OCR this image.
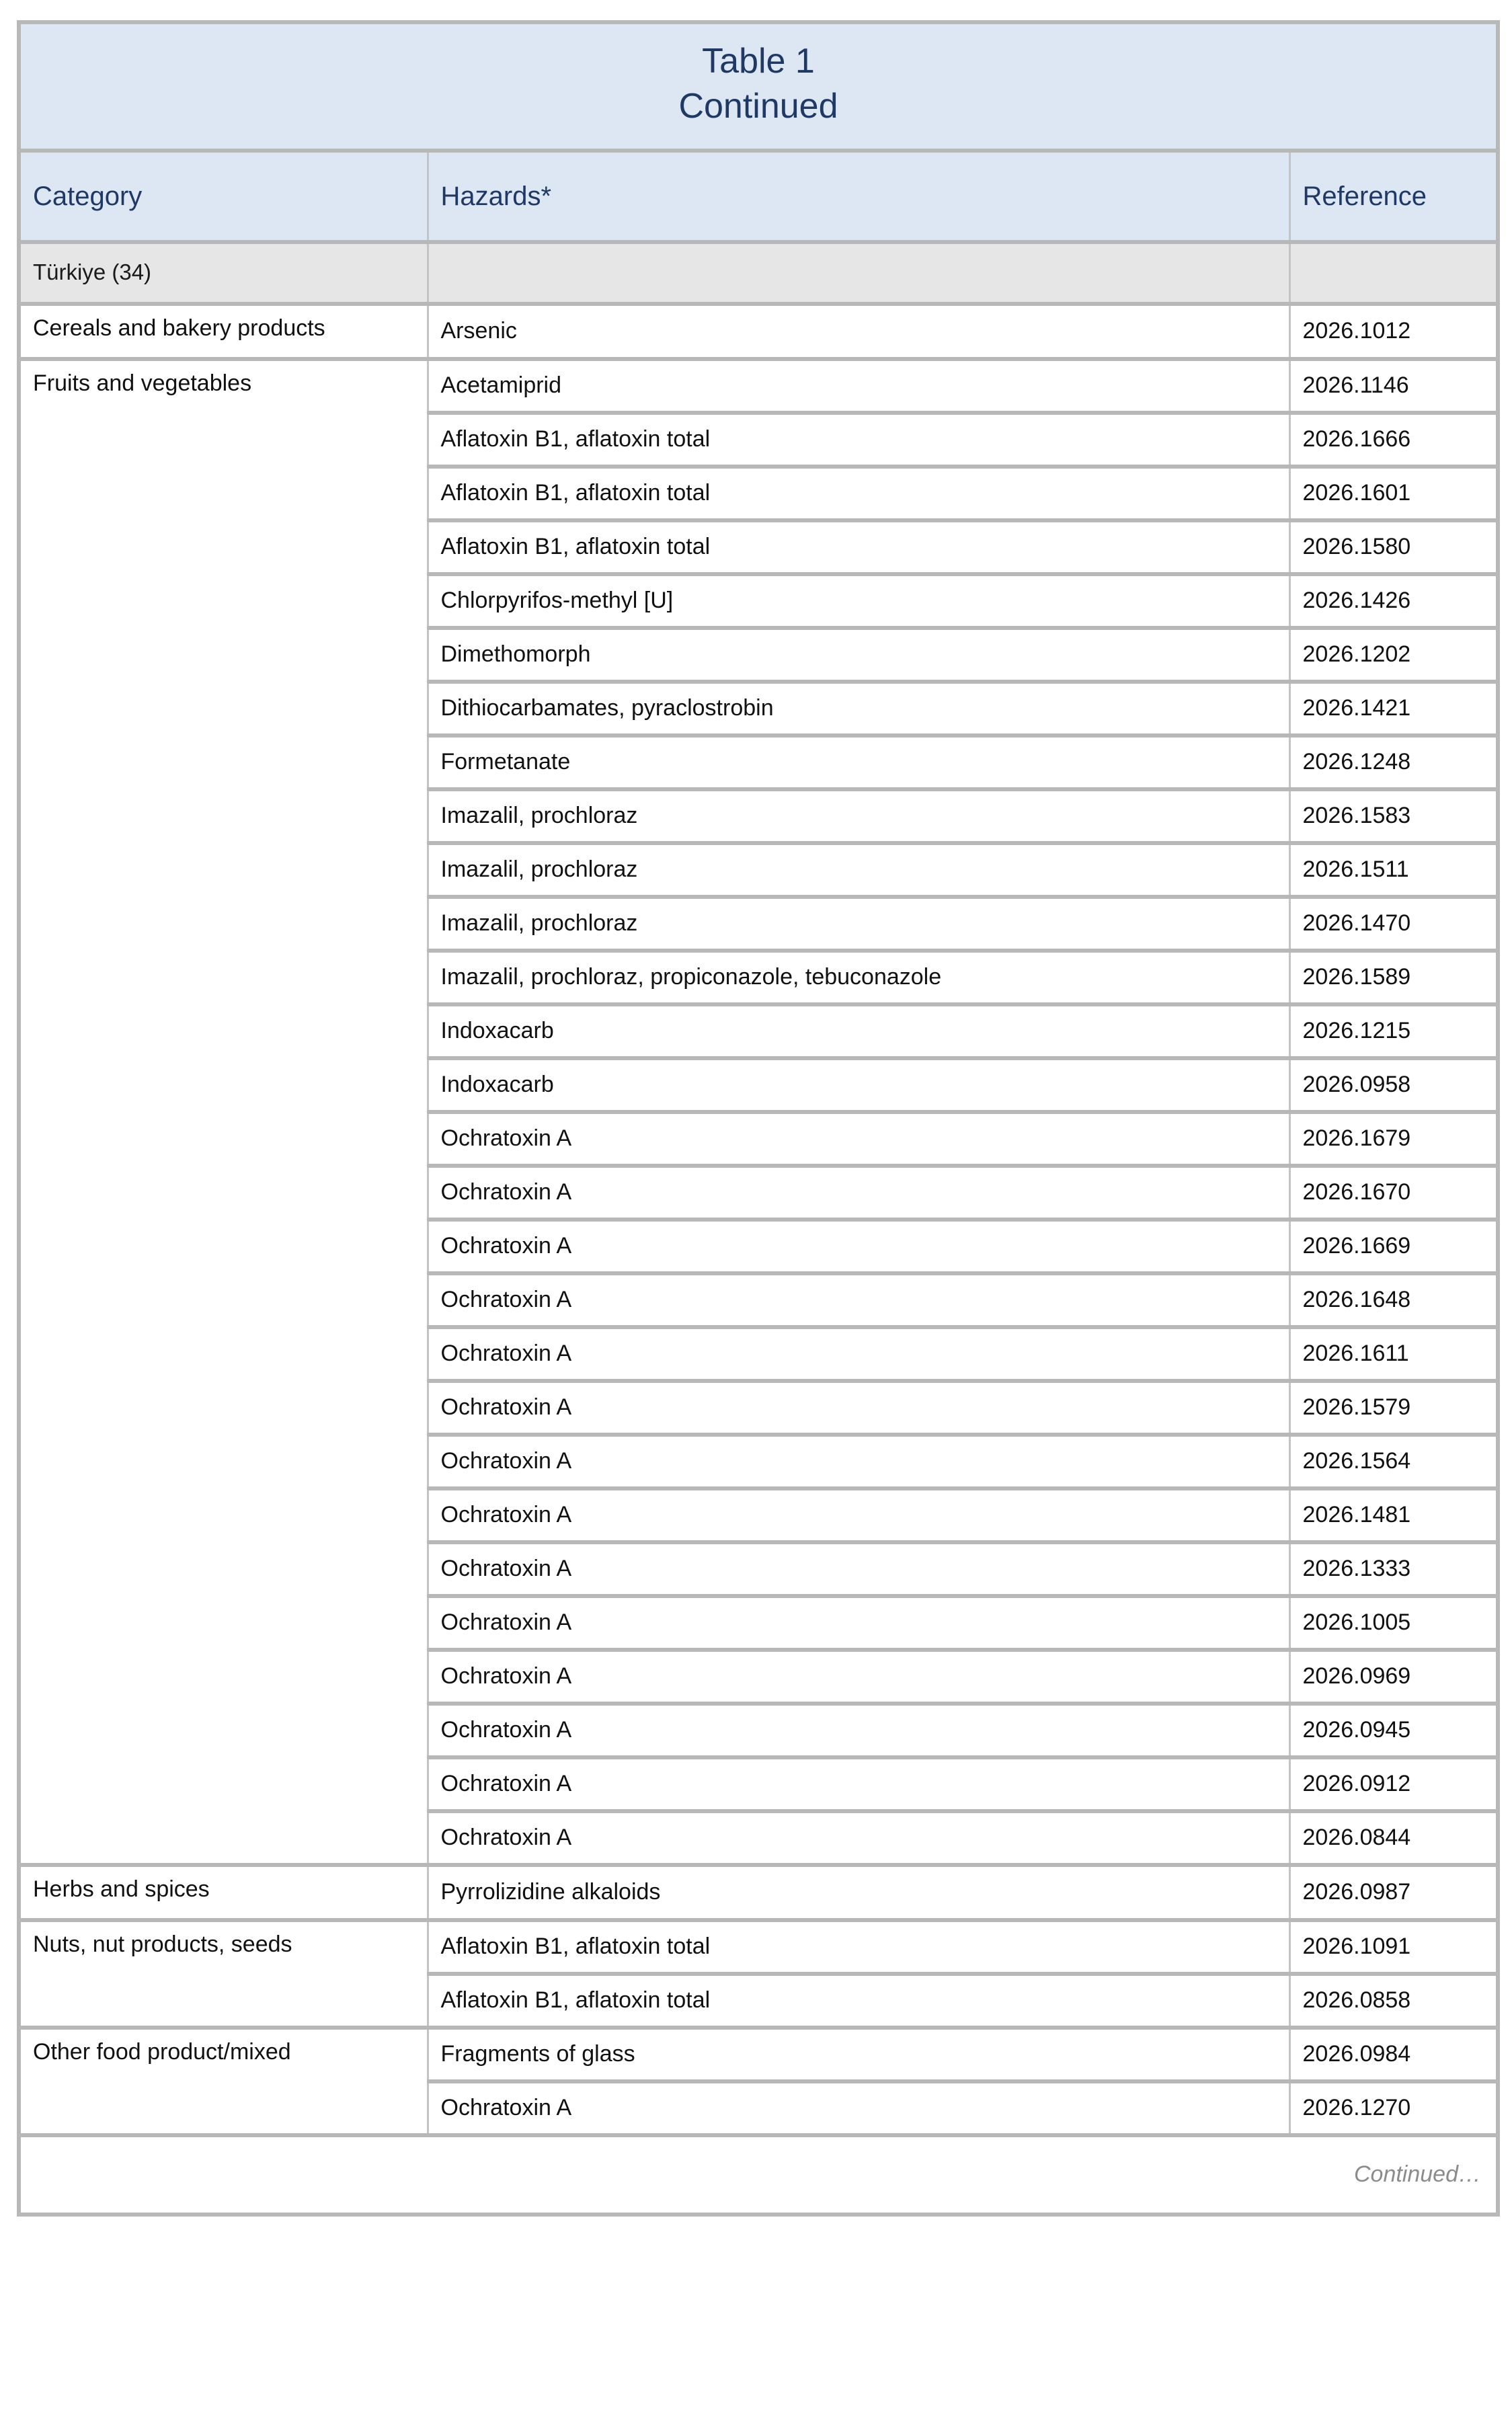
Table 1
Continued		

Category	Hazards*	Reference
Türkiye (34)		
Cereals and bakery products	Arsenic	2026.1012
Fruits and vegetables	Acetamiprid	2026.1146
	Aflatoxin B1, aflatoxin total	2026.1666
	Aflatoxin B1, aflatoxin total	2026.1601
	Aflatoxin B1, aflatoxin total	2026.1580
	Chlorpyrifos-methyl [U]	2026.1426
	Dimethomorph	2026.1202
	Dithiocarbamates, pyraclostrobin	2026.1421
	Formetanate	2026.1248
	Imazalil, prochloraz	2026.1583
	Imazalil, prochloraz	2026.1511
	Imazalil, prochloraz	2026.1470
	Imazalil, prochloraz, propiconazole, tebuconazole	2026.1589
	Indoxacarb	2026.1215
	Indoxacarb	2026.0958
	Ochratoxin A	2026.1679
	Ochratoxin A	2026.1670
	Ochratoxin A	2026.1669
	Ochratoxin A	2026.1648
	Ochratoxin A	2026.1611
	Ochratoxin A	2026.1579
	Ochratoxin A	2026.1564
	Ochratoxin A	2026.1481
	Ochratoxin A	2026.1333
	Ochratoxin A	2026.1005
	Ochratoxin A	2026.0969
	Ochratoxin A	2026.0945
	Ochratoxin A	2026.0912
	Ochratoxin A	2026.0844
Herbs and spices	Pyrrolizidine alkaloids	2026.0987
Nuts, nut products, seeds	Aflatoxin B1, aflatoxin total	2026.1091
	Aflatoxin B1, aflatoxin total	2026.0858
Other food product/mixed	Fragments of glass	2026.0984
	Ochratoxin A	2026.1270
Continued…		
